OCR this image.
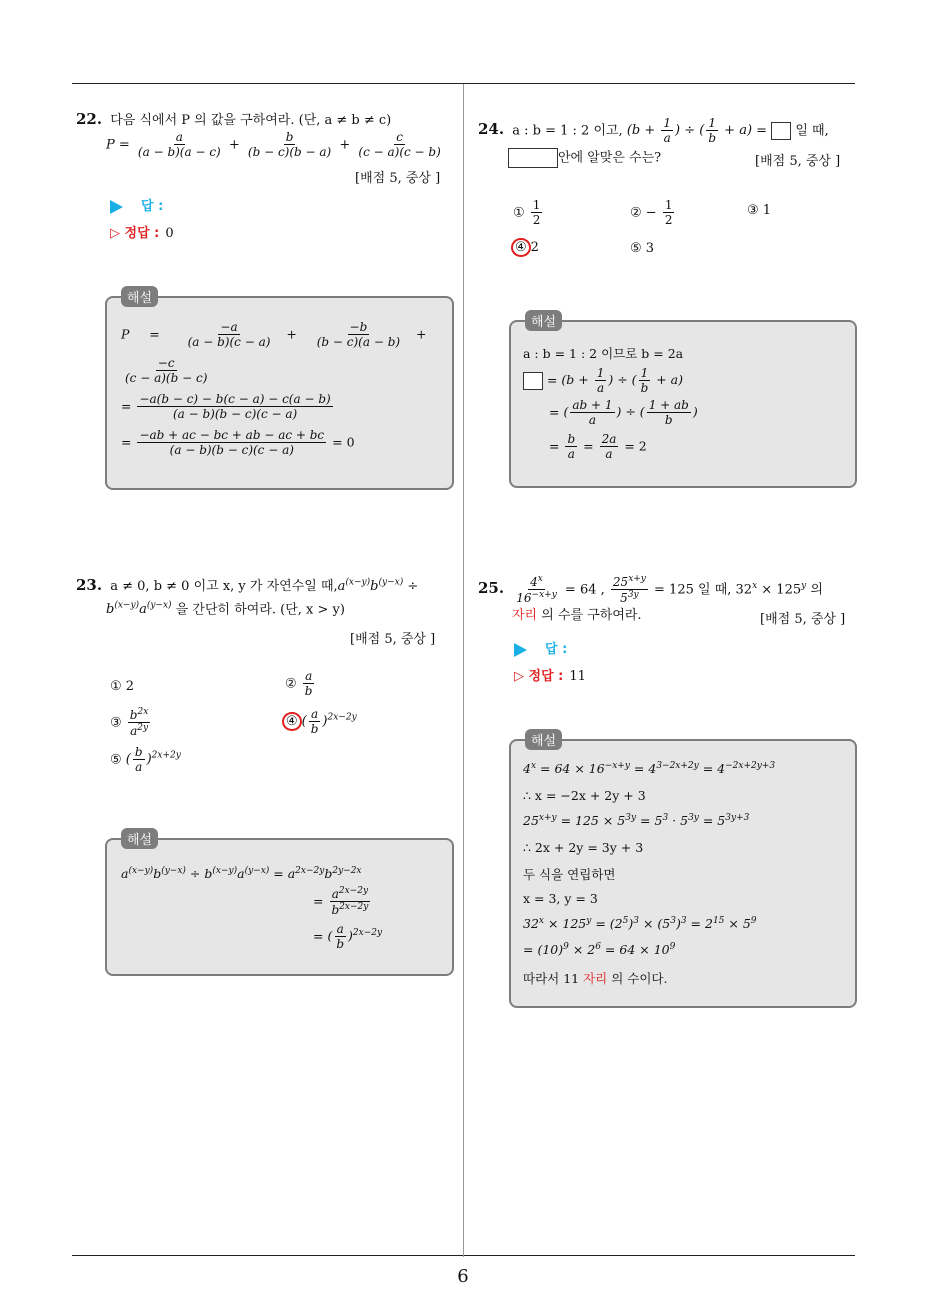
22. 다음 식에서 P 의 값을 구하여라. (단, a ≠ b ≠ c)
$P = \frac{a}{(a - b)(a - c)} + \frac{b}{(b - c)(b - a)} + \frac{c}{(c - a)(c - b)}$
[배점 5, 중상 ]
답 :
▷ 정답 : 0
해설
P     = $\frac{-a}{(a - b)(c - a)} + \frac{-b}{(b - c)(a - b)}$ +
$\frac{-c}{(c - a)(b - c)}$
= $\frac{-a(b - c) - b(c - a) - c(a - b)}{(a - b)(b - c)(c - a)}$
= $\frac{-ab + ac - bc + ab - ac + bc}{(a - b)(b - c)(c - a)} = 0$
24. a : b = 1 : 2 이고, ($b + \frac{1}{a}$ ) ÷ ( $\frac{1}{b} + a$) =  일 때,
안에 알맞은 수는?	[배점 5, 중상 ]
① $\frac{1}{2}$	② − $\frac{1}{2}$	③ 1
④ 2	⑤ 3
해설
a : b = 1 : 2 이므로 b = 2a
= ($b + \frac{1}{a}$ ) ÷ ( $\frac{1}{b} + a$)
= ( $\frac{ab + 1}{a}$ ) ÷ ( $\frac{1 + ab}{b}$ )
= $\frac{b}{a} = \frac{2a}{a} = 2$
23. a ≠ 0, b ≠ 0 이고 x, y 가 자연수일 때$,a^{(x-y)}b^{(y-x)}$ ÷
$b^{(x-y)}a^{(y-x)}$ 을 간단히 하여라. (단, x > y)
[배점 5, 중상 ]
① 2	② $\frac{a}{b}$
③ $\frac{b^{2x}}{a^{2y}}$	④ ( $\frac{a}{b} )^{2x-2y}$
⑤ ( $\frac{b}{a} )^{2x+2y}$
해설
$a^{(x-y)}b^{(y-x)} \div b^{(x-y)}a^{(y-x)} = a^{2x-2y}b^{2y-2x}$
= $\frac{a^{2x-2y}}{b^{2x-2y}}$
= ( $\frac{a}{b} )^{2x-2y}$
25. $\frac{4^x}{16^{-x+y}} = 64$ , $\frac{25^{x+y}}{5^{3y}} = 125$ 일 때, $32^x \times 125^y$ 의
자리 의 수를 구하여라.	[배점 5, 중상 ]
답 :
▷ 정답 : 11
해설
$4^x = 64 \times 16^{-x+y} = 4^{3-2x+2y} = 4^{-2x+2y+3}$
∴ x = −2x + 2y + 3
$25^{x+y} = 125 \times 5^{3y} = 5^3 \cdot 5^{3y} = 5^{3y+3}$
∴ 2x + 2y = 3y + 3
두 식을 연립하면
x = 3, y = 3
$32^x \times 125^y = (2^5)^3 \times (5^3)^3 = 2^{15} \times 5^9$
= $(10)^9 \times 2^6 = 64 \times 10^9$
따라서 11 자리 의 수이다.
6
